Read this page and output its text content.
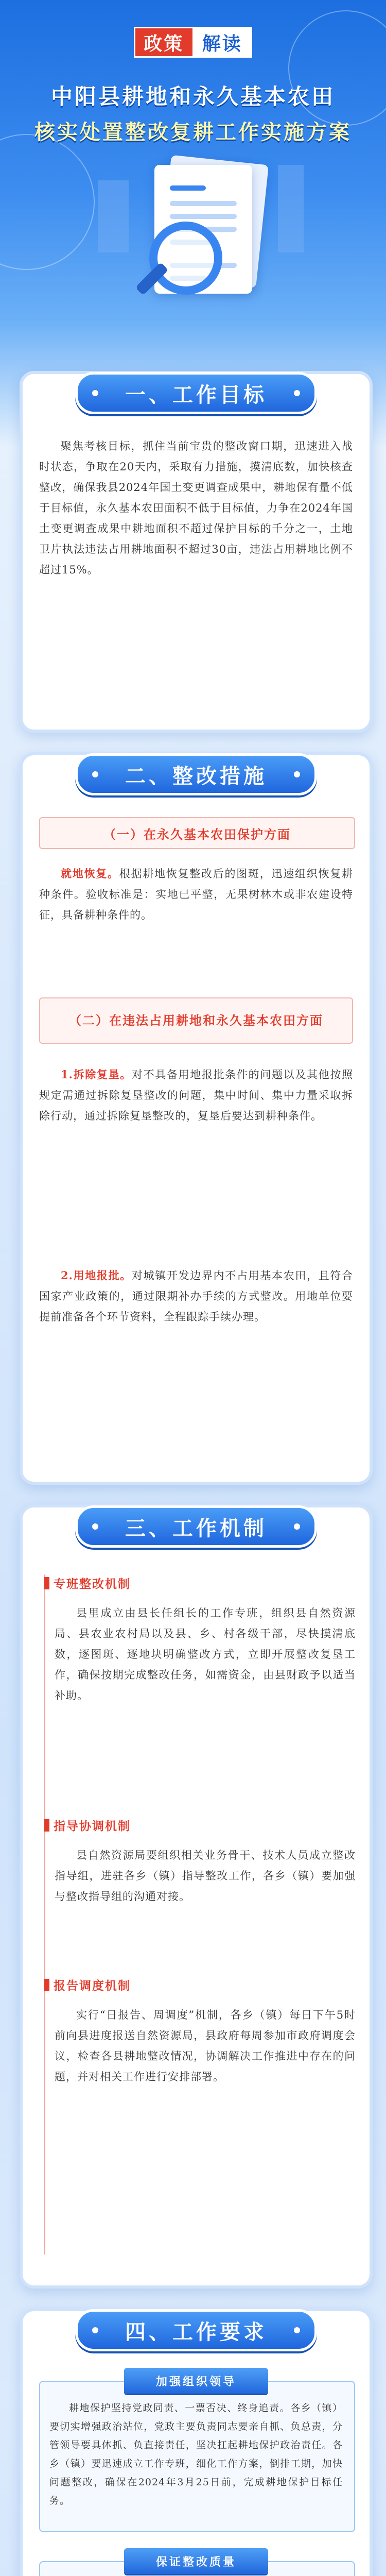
政策 解读
中阳县耕地和永久基本农田
核实处置整改复耕工作实施方案
一、工作目标
聚焦考核目标，抓住当前宝贵的整改窗口期，迅速进入战时状态，争取在20天内，采取有力措施，摸清底数，加快核查整改，确保我县2024年国土变更调查成果中，耕地保有量不低于目标值，永久基本农田面积不低于目标值，力争在2024年国土变更调查成果中耕地面积不超过保护目标的千分之一，土地卫片执法违法占用耕地面积不超过30亩，违法占用耕地比例不超过15%。
二、整改措施
（一）在永久基本农田保护方面
就地恢复。根据耕地恢复整改后的图斑，迅速组织恢复耕种条件。验收标准是：实地已平整，无果树林木或非农建设特征，具备耕种条件的。
（二）在违法占用耕地和永久基本农田方面
1.拆除复垦。对不具备用地报批条件的问题以及其他按照规定需通过拆除复垦整改的问题，集中时间、集中力量采取拆除行动，通过拆除复垦整改的，复垦后要达到耕种条件。
2.用地报批。对城镇开发边界内不占用基本农田，且符合国家产业政策的，通过限期补办手续的方式整改。用地单位要提前准备各个环节资料，全程跟踪手续办理。
三、工作机制
专班整改机制
县里成立由县长任组长的工作专班，组织县自然资源局、县农业农村局以及县、乡、村各级干部，尽快摸清底数，逐图斑、逐地块明确整改方式，立即开展整改复垦工作，确保按期完成整改任务，如需资金，由县财政予以适当补助。
指导协调机制
县自然资源局要组织相关业务骨干、技术人员成立整改指导组，进驻各乡（镇）指导整改工作，各乡（镇）要加强与整改指导组的沟通对接。
报告调度机制
实行“日报告、周调度”机制，各乡（镇）每日下午5时前向县进度报送自然资源局，县政府每周参加市政府调度会议，检查各县耕地整改情况，协调解决工作推进中存在的问题，并对相关工作进行安排部署。
四、工作要求
加强组织领导
耕地保护坚持党政同责、一票否决、终身追责。各乡（镇）要切实增强政治站位，党政主要负责同志要亲自抓、负总责，分管领导要具体抓、负直接责任，坚决扛起耕地保护政治责任。各乡（镇）要迅速成立工作专班，细化工作方案，倒排工期，加快问题整改，确保在2024年3月25日前，完成耕地保护目标任务。
保证整改质量
